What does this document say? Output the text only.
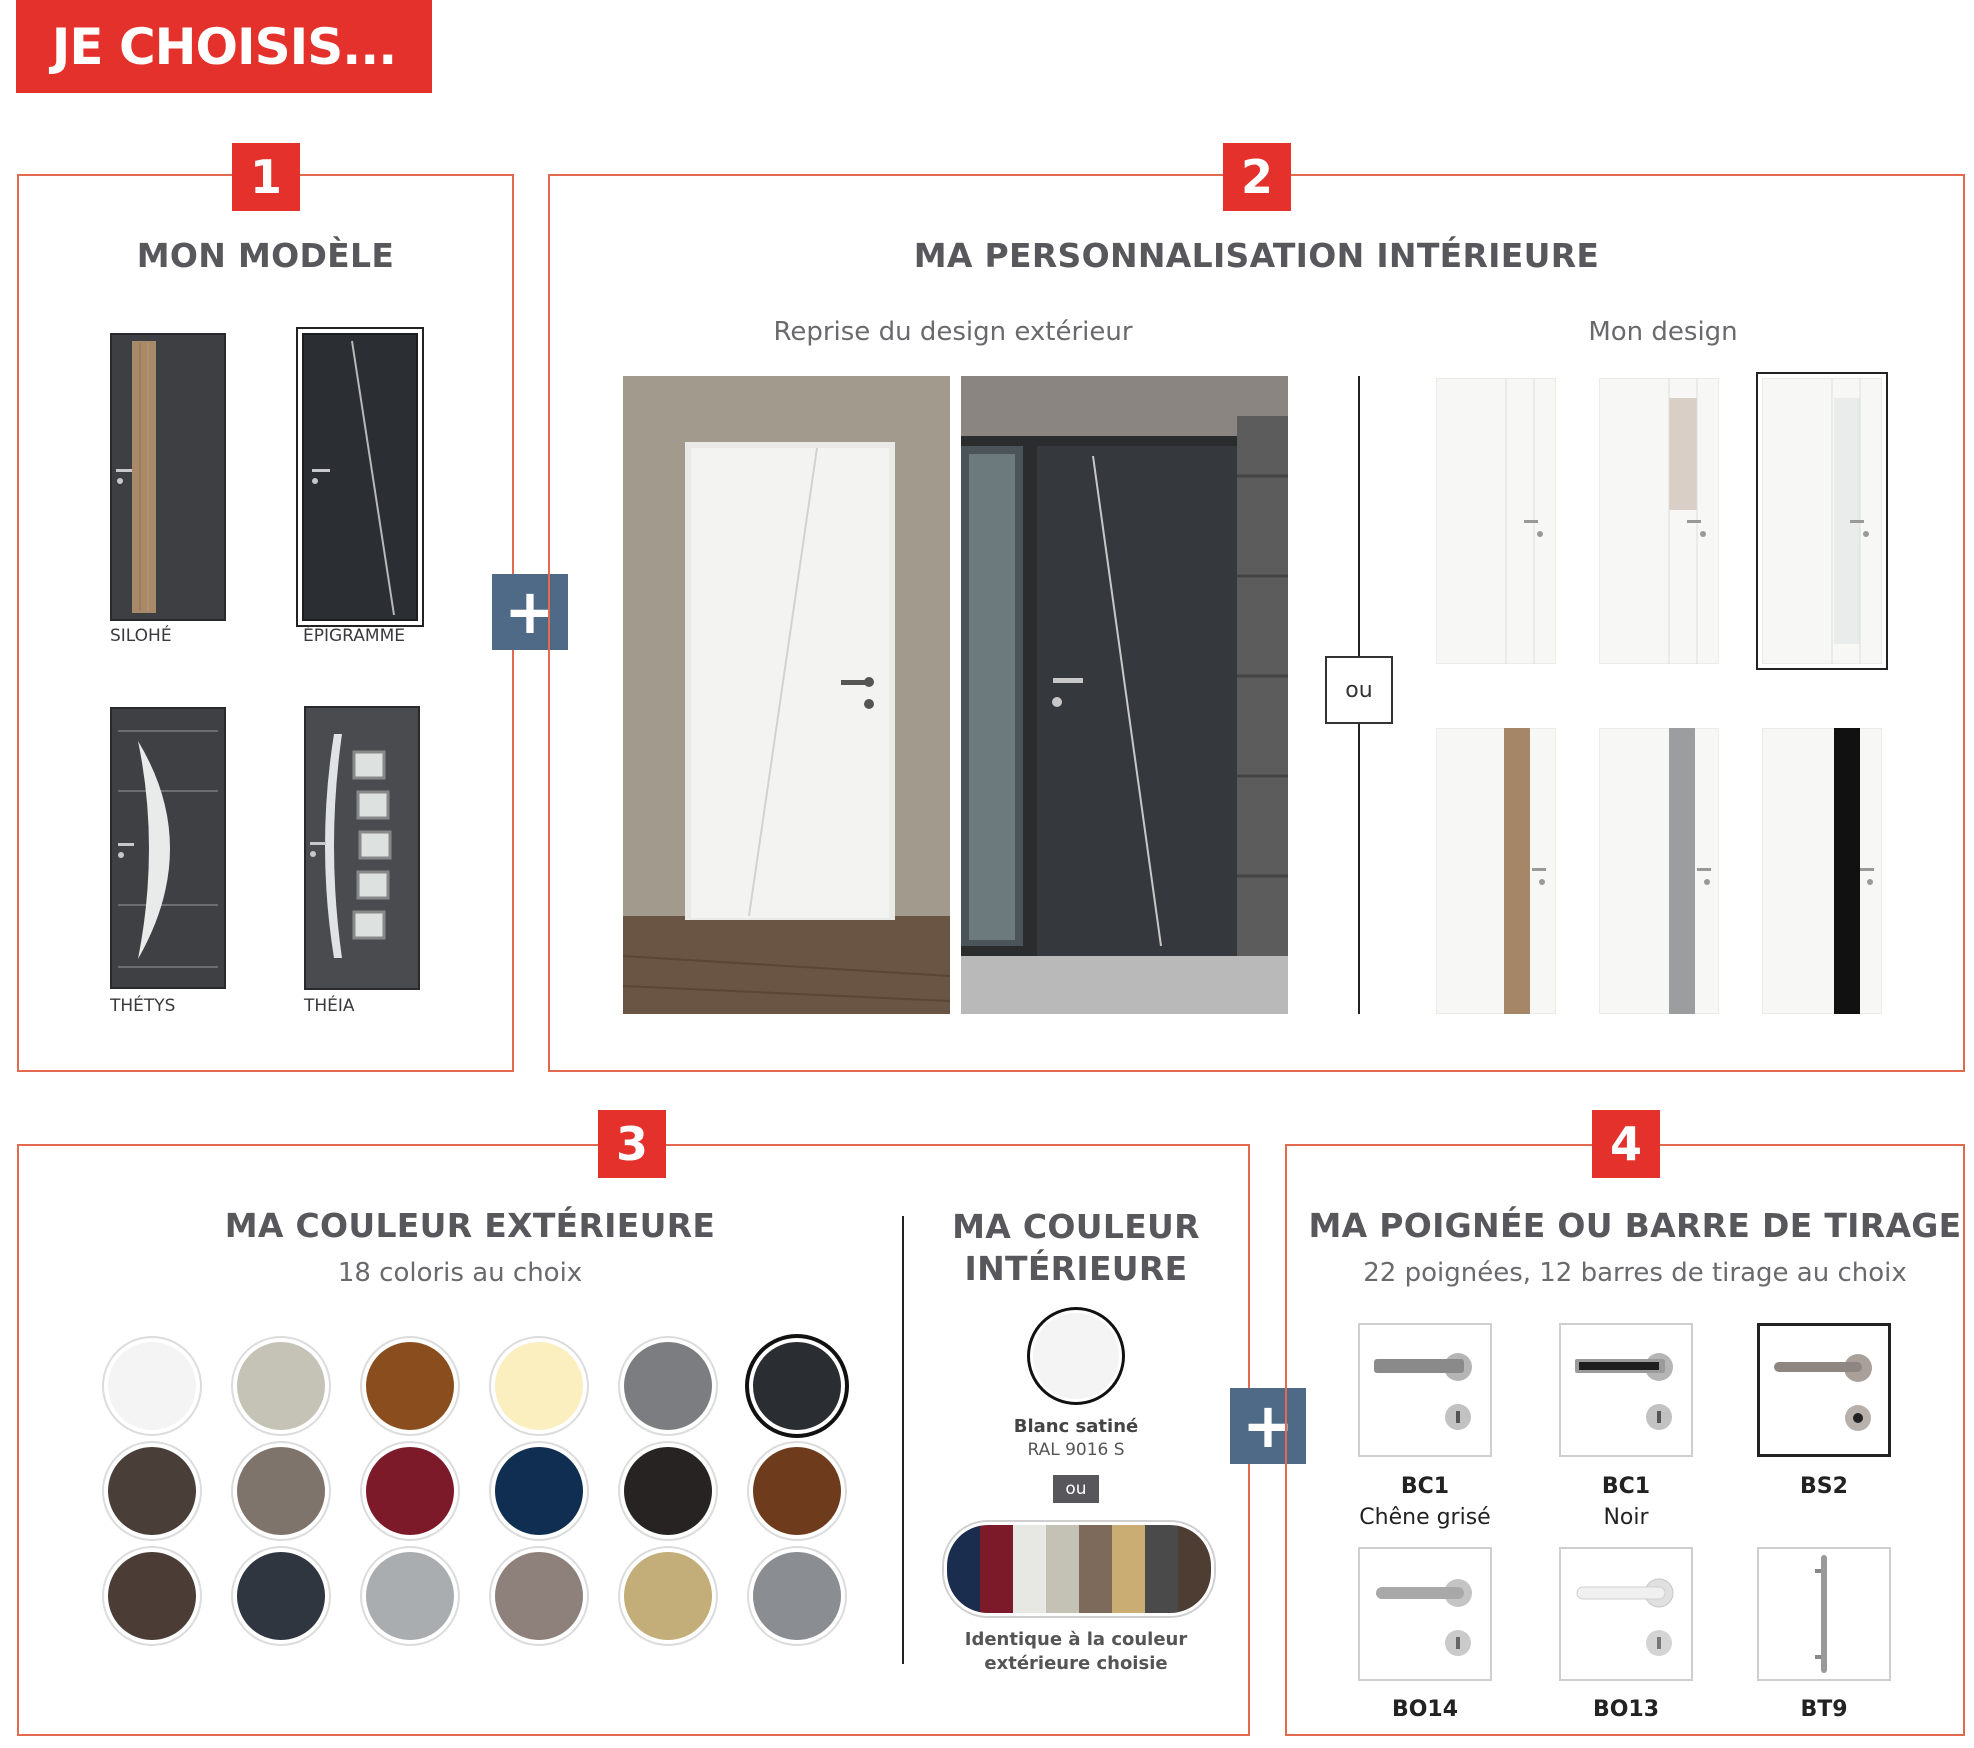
JE CHOISIS...
1
MON MODÈLE
SILOHÉ	ÉPIGRAMME
THÉTYS	THÉIA
+
2
MA PERSONNALISATION INTÉRIEURE
Reprise du design extérieur	Mon design
ou
3
MA COULEUR EXTÉRIEURE
18 coloris au choix
MA COULEUR
INTÉRIEURE
Blanc satiné
RAL 9016 S
ou
Identique à la couleur
extérieure choisie
+
4
MA POIGNÉE OU BARRE DE TIRAGE
22 poignées, 12 barres de tirage au choix
BC1
Chêne grisé
BC1
Noir
BS2
BO14	BO13	BT9
